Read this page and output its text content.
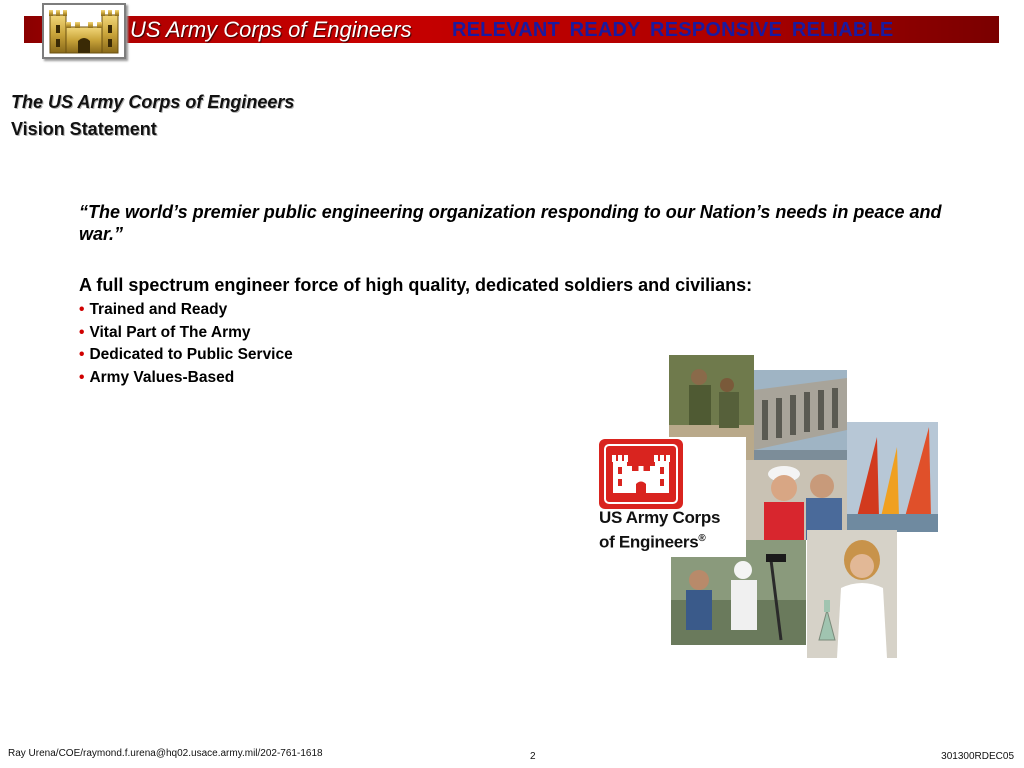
US Army Corps of Engineers RELEVANT READY RESPONSIVE RELIABLE
The US Army Corps of Engineers
Vision Statement
“The world’s premier public engineering organization responding to our Nation’s needs in peace and war.”
A full spectrum engineer force of high quality, dedicated soldiers and civilians:
• Trained and Ready
• Vital Part of The Army
• Dedicated to Public Service
• Army Values-Based
US Army Corps
of Engineers®
Ray Urena/COE/raymond.f.urena@hq02.usace.army.mil/202-761-1618	2	301300RDEC05
